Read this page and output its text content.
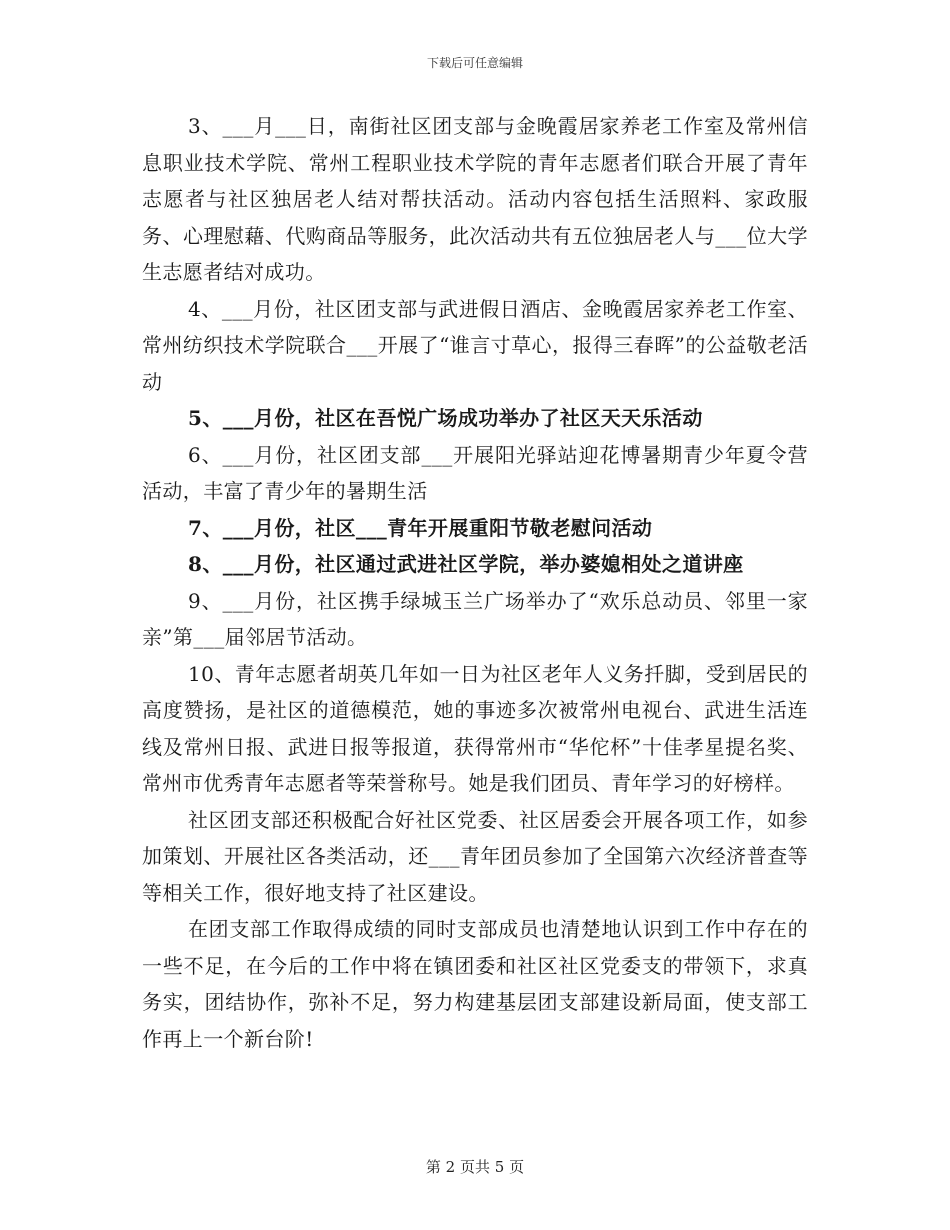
下载后可任意编辑

3、___月___日，南街社区团支部与金晚霞居家养老工作室及常州信息职业技术学院、常州工程职业技术学院的青年志愿者们联合开展了青年志愿者与社区独居老人结对帮扶活动。活动内容包括生活照料、家政服务、心理慰藉、代购商品等服务，此次活动共有五位独居老人与___位大学生志愿者结对成功。

4、___月份，社区团支部与武进假日酒店、金晚霞居家养老工作室、常州纺织技术学院联合___开展了“谁言寸草心，报得三春晖”的公益敬老活动

5、___月份，社区在吾悦广场成功举办了社区天天乐活动

6、___月份，社区团支部___开展阳光驿站迎花博暑期青少年夏令营活动，丰富了青少年的暑期生活

7、___月份，社区___青年开展重阳节敬老慰问活动

8、___月份，社区通过武进社区学院，举办婆媳相处之道讲座

9、___月份，社区携手绿城玉兰广场举办了“欢乐总动员、邻里一家亲”第___届邻居节活动。

10、青年志愿者胡英几年如一日为社区老年人义务扦脚，受到居民的高度赞扬，是社区的道德模范，她的事迹多次被常州电视台、武进生活连线及常州日报、武进日报等报道，获得常州市“华佗杯”十佳孝星提名奖、常州市优秀青年志愿者等荣誉称号。她是我们团员、青年学习的好榜样。

社区团支部还积极配合好社区党委、社区居委会开展各项工作，如参加策划、开展社区各类活动，还___青年团员参加了全国第六次经济普查等等相关工作，很好地支持了社区建设。

在团支部工作取得成绩的同时支部成员也清楚地认识到工作中存在的一些不足，在今后的工作中将在镇团委和社区社区党委支的带领下，求真务实，团结协作，弥补不足，努力构建基层团支部建设新局面，使支部工作再上一个新台阶!

第 2 页共 5 页
